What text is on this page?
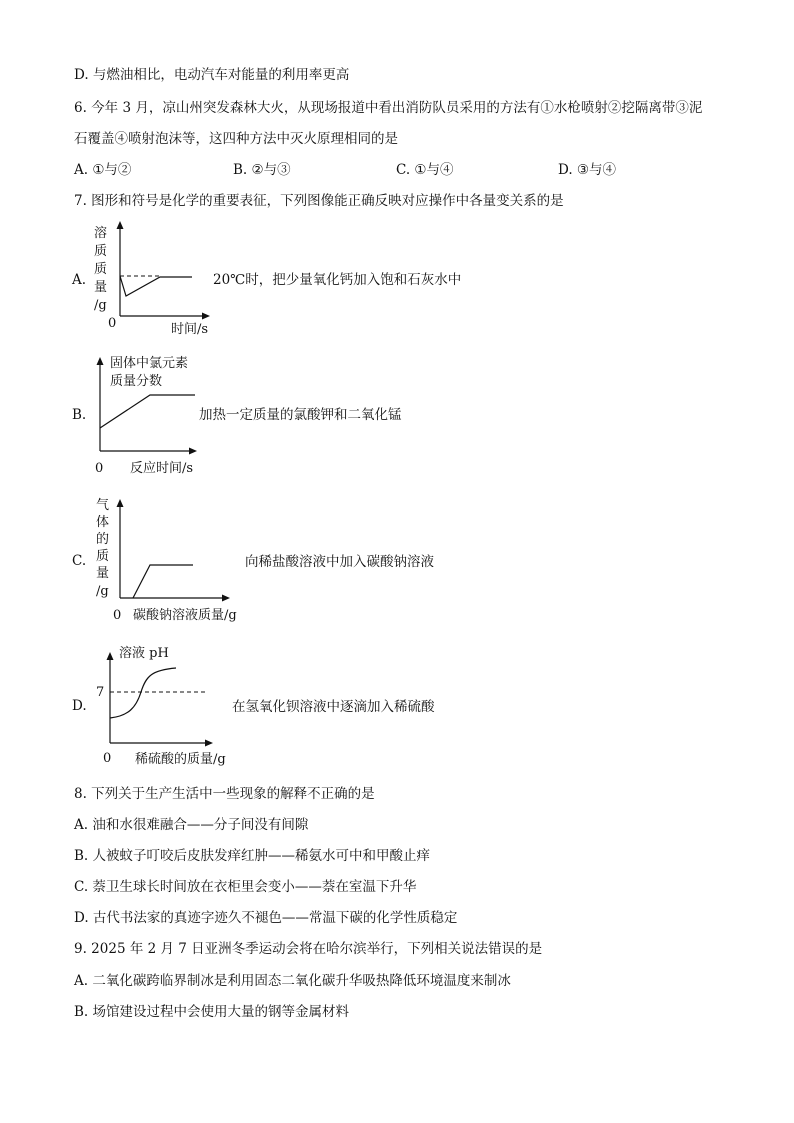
D. 与燃油相比，电动汽车对能量的利用率更高
6. 今年 3 月，凉山州突发森林大火，从现场报道中看出消防队员采用的方法有①水枪喷射②挖隔离带③泥
石覆盖④喷射泡沫等，这四种方法中灭火原理相同的是
A. ①与②	B. ②与③	C. ①与④	D. ③与④
7. 图形和符号是化学的重要表征，下列图像能正确反映对应操作中各量变关系的是
A.
溶
质
质
量
/g
0	时间/s
20℃时，把少量氧化钙加入饱和石灰水中
B.
固体中氯元素
质量分数
0 反应时间/s
加热一定质量的氯酸钾和二氧化锰
C.
气
体
的
质
量
/g
0 碳酸钠溶液质量/g
向稀盐酸溶液中加入碳酸钠溶液
D.
溶液 pH
7
0 稀硫酸的质量/g
在氢氧化钡溶液中逐滴加入稀硫酸
8. 下列关于生产生活中一些现象的解释不正确的是
A. 油和水很难融合——分子间没有间隙
B. 人被蚊子叮咬后皮肤发痒红肿——稀氨水可中和甲酸止痒
C. 萘卫生球长时间放在衣柜里会变小——萘在室温下升华
D. 古代书法家的真迹字迹久不褪色——常温下碳的化学性质稳定
9. 2025 年 2 月 7 日亚洲冬季运动会将在哈尔滨举行，下列相关说法错误的是
A. 二氧化碳跨临界制冰是利用固态二氧化碳升华吸热降低环境温度来制冰
B. 场馆建设过程中会使用大量的钢等金属材料
